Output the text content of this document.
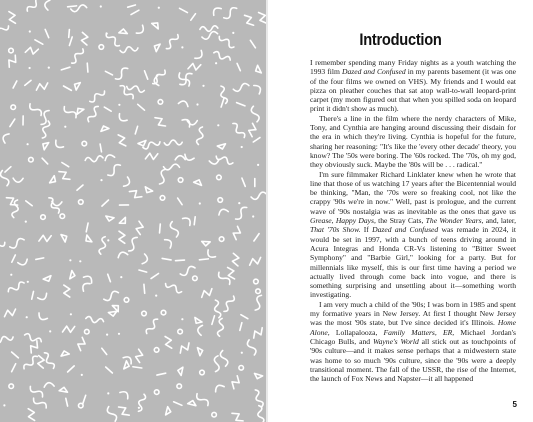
Introduction

I remember spending many Friday nights as a youth watching the 1993 film Dazed and Confused in my parents basement (it was one of the four films we owned on VHS). My friends and I would eat pizza on pleather couches that sat atop wall-to-wall leopard-print carpet (my mom figured out that when you spilled soda on leopard print it didn't show as much).

There's a line in the film where the nerdy characters of Mike, Tony, and Cynthia are hanging around discussing their disdain for the era in which they're living. Cynthia is hopeful for the future, sharing her reasoning: "It's like the 'every other decade' theory, you know? The '50s were boring. The '60s rocked. The '70s, oh my god, they obviously suck. Maybe the '80s will be . . . radical."

I'm sure filmmaker Richard Linklater knew when he wrote that line that those of us watching 17 years after the Bicentennial would be thinking, "Man, the '70s were so freaking cool, not like the crappy '90s we're in now." Well, past is prologue, and the current wave of '90s nostalgia was as inevitable as the ones that gave us Grease, Happy Days, the Stray Cats, The Wonder Years, and, later, That '70s Show. If Dazed and Confused was remade in 2024, it would be set in 1997, with a bunch of teens driving around in Acura Integras and Honda CR-Vs listening to "Bitter Sweet Symphony" and "Barbie Girl," looking for a party. But for millennials like myself, this is our first time having a period we actually lived through come back into vogue, and there is something surprising and unsettling about it—something worth investigating.

I am very much a child of the '90s; I was born in 1985 and spent my formative years in New Jersey. At first I thought New Jersey was the most '90s state, but I've since decided it's Illinois. Home Alone, Lollapalooza, Family Matters, ER, Michael Jordan's Chicago Bulls, and Wayne's World all stick out as touchpoints of '90s culture—and it makes sense perhaps that a midwestern state was home to so much '90s culture, since the '90s were a deeply transitional moment. The fall of the USSR, the rise of the Internet, the launch of Fox News and Napster—it all happened

5
